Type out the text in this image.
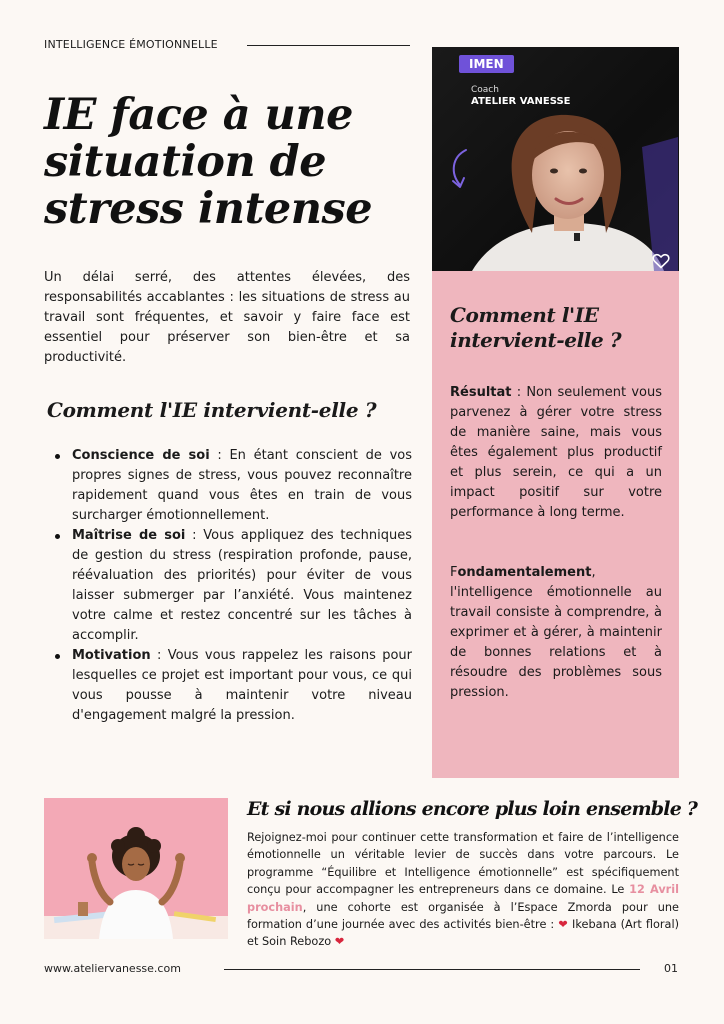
INTELLIGENCE ÉMOTIONNELLE
IE face à une situation de stress intense

Un délai serré, des attentes élevées, des responsabilités accablantes : les situations de stress au travail sont fréquentes, et savoir y faire face est essentiel pour préserver son bien-être et sa productivité.

Comment l'IE intervient-elle ?
Conscience de soi : En étant conscient de vos propres signes de stress, vous pouvez reconnaître rapidement quand vous êtes en train de vous surcharger émotionnellement.
Maîtrise de soi : Vous appliquez des techniques de gestion du stress (respiration profonde, pause, réévaluation des priorités) pour éviter de vous laisser submerger par l’anxiété. Vous maintenez votre calme et restez concentré sur les tâches à accomplir.
Motivation : Vous vous rappelez les raisons pour lesquelles ce projet est important pour vous, ce qui vous pousse à maintenir votre niveau d'engagement malgré la pression.
IMEN
Coach
ATELIER VANESSE
Comment l'IE intervient-elle ?

Résultat : Non seulement vous parvenez à gérer votre stress de manière saine, mais vous êtes également plus productif et plus serein, ce qui a un impact positif sur votre performance à long terme.

Fondamentalement, l'intelligence émotionnelle au travail consiste à comprendre, à exprimer et à gérer, à maintenir de bonnes relations et à résoudre des problèmes sous pression.

Et si nous allions encore plus loin ensemble ?

Rejoignez-moi pour continuer cette transformation et faire de l’intelligence émotionnelle un véritable levier de succès dans votre parcours. Le programme “Équilibre et Intelligence émotionnelle” est spécifiquement conçu pour accompagner les entrepreneurs dans ce domaine. Le 12 Avril prochain, une cohorte est organisée à l’Espace Zmorda pour une formation d’une journée avec des activités bien-être : ❤ Ikebana (Art floral) et Soin Rebozo ❤

www.ateliervanesse.com	01
